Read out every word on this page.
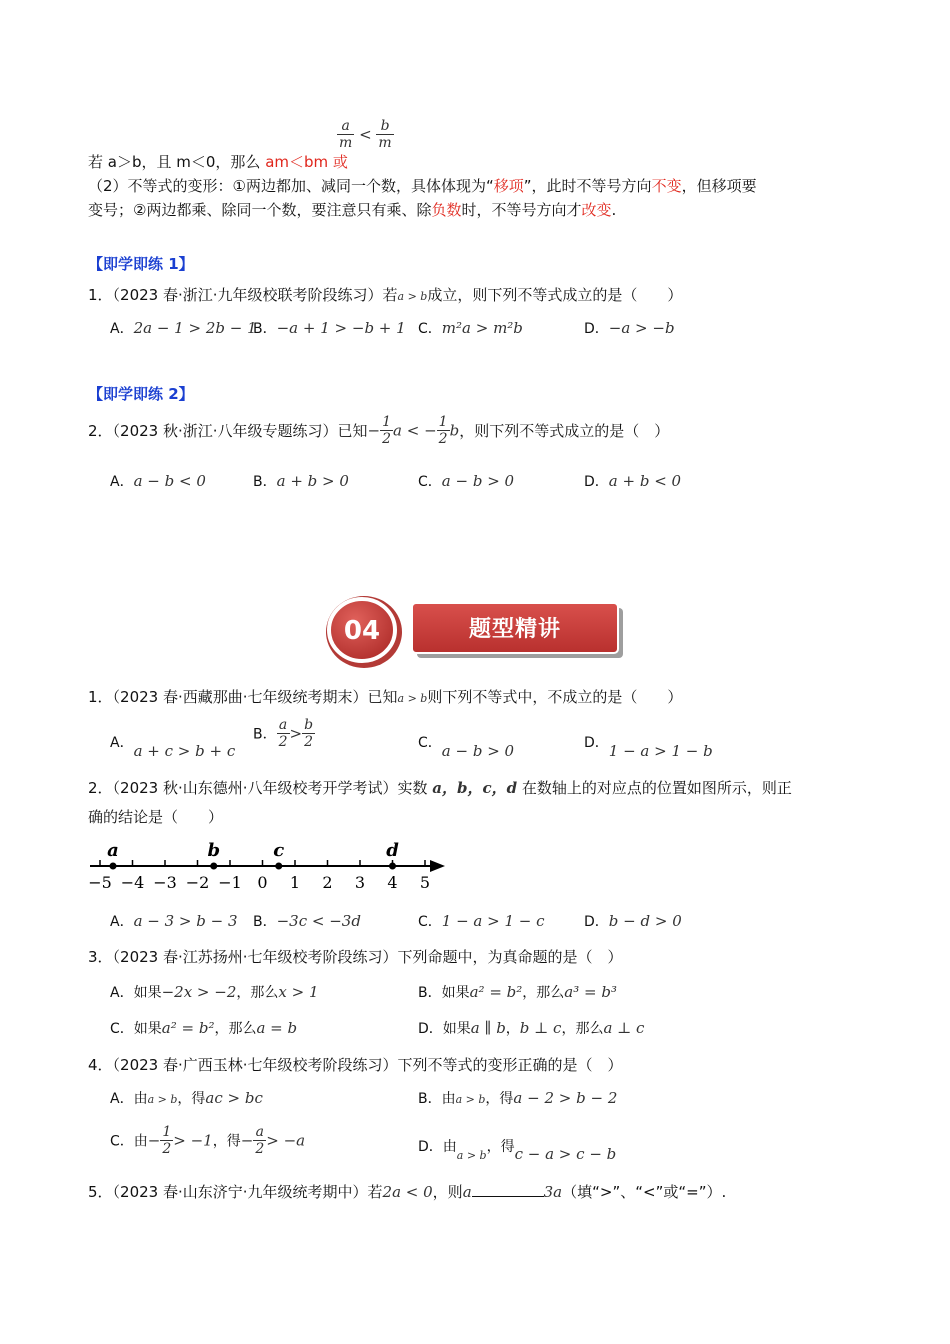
$\frac{a}{m} < \frac{b}{m}$
若 a＞b，且 m＜0，那么 am＜bm 或
（2）不等式的变形：①两边都加、减同一个数，具体体现为“移项”，此时不等号方向不变，但移项要
变号；②两边都乘、除同一个数，要注意只有乘、除负数时，不等号方向才改变.
【即学即练 1】
1．（2023 春·浙江·九年级校联考阶段练习）若a > b成立，则下列不等式成立的是（　　）
A．2a − 1 > 2b − 1
B．−a + 1 > −b + 1 C．m²a > m²b	D．−a > −b
【即学即练 2】
2．（2023 秋·浙江·八年级专题练习）已知− $\frac{1}{2}$ a < − $\frac{1}{2}$ b，则下列不等式成立的是（　）
A．a − b < 0	B．a + b > 0	C．a − b > 0	D．a + b < 0
04	题型精讲
1．（2023 春·西藏那曲·七年级统考期末）已知a > b则下列不等式中，不成立的是（　　）
A．a + c > b + c
B． $\frac{a}{2} > \frac{b}{2}$	C．a − b > 0	D．1 − a > 1 − b
2．（2023 秋·山东德州·八年级校考开学考试）实数 a，b，c，d 在数轴上的对应点的位置如图所示，则正
确的结论是（　　）
−5 −4 −3 −2 −1 0 1 2 3 4 5
a	b	c	d
A．a − 3 > b − 3 B．−3c < −3d	C．1 − a > 1 − c	D．b − d > 0
3．（2023 春·江苏扬州·七年级校考阶段练习）下列命题中，为真命题的是（　）
A．如果−2x > −2，那么x > 1	B．如果a² = b²，那么a³ = b³
C．如果a² = b²，那么a = b	D．如果a ∥ b，b ⊥ c，那么a ⊥ c
4．（2023 春·广西玉林·七年级校考阶段练习）下列不等式的变形正确的是（　）
A．由a > b，得ac > bc	B．由a > b，得a − 2 > b − 2
C．由− $\frac{1}{2} > -1$，得− $\frac{a}{2} > -a$	D．由$_{a > b}$，得c − a > c − b
5．（2023 春·山东济宁·九年级统考期中）若2a < 0，则a	3a（填“>”、“<”或“=”）.
